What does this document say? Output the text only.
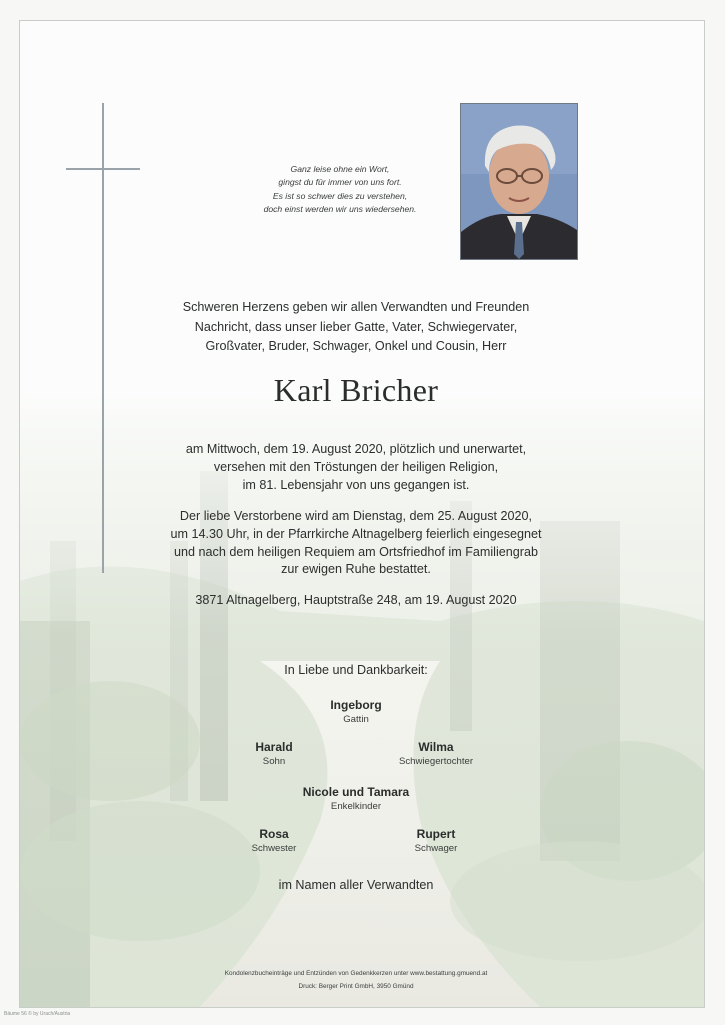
Ganz leise ohne ein Wort,
gingst du für immer von uns fort.
Es ist so schwer dies zu verstehen,
doch einst werden wir uns wiedersehen.
Schweren Herzens geben wir allen Verwandten und Freunden
Nachricht, dass unser lieber Gatte, Vater, Schwiegervater,
Großvater, Bruder, Schwager, Onkel und Cousin, Herr
Karl Bricher
am Mittwoch, dem 19. August 2020, plötzlich und unerwartet,
versehen mit den Tröstungen der heiligen Religion,
im 81. Lebensjahr von uns gegangen ist.
Der liebe Verstorbene wird am Dienstag, dem 25. August 2020,
um 14.30 Uhr, in der Pfarrkirche Altnagelberg feierlich eingesegnet
und nach dem heiligen Requiem am Ortsfriedhof im Familiengrab
zur ewigen Ruhe bestattet.
3871 Altnagelberg, Hauptstraße 248, am 19. August 2020
In Liebe und Dankbarkeit:
Ingeborg
Gattin
Harald
Sohn
Wilma
Schwiegertochter
Nicole und Tamara
Enkelkinder
Rosa
Schwester
Rupert
Schwager
im Namen aller Verwandten
Kondolenzbucheinträge und Entzünden von Gedenkkerzen unter www.bestattung.gmuend.at
Druck: Berger Print GmbH, 3950 Gmünd
Bäume 56 © by Urach/Austria
